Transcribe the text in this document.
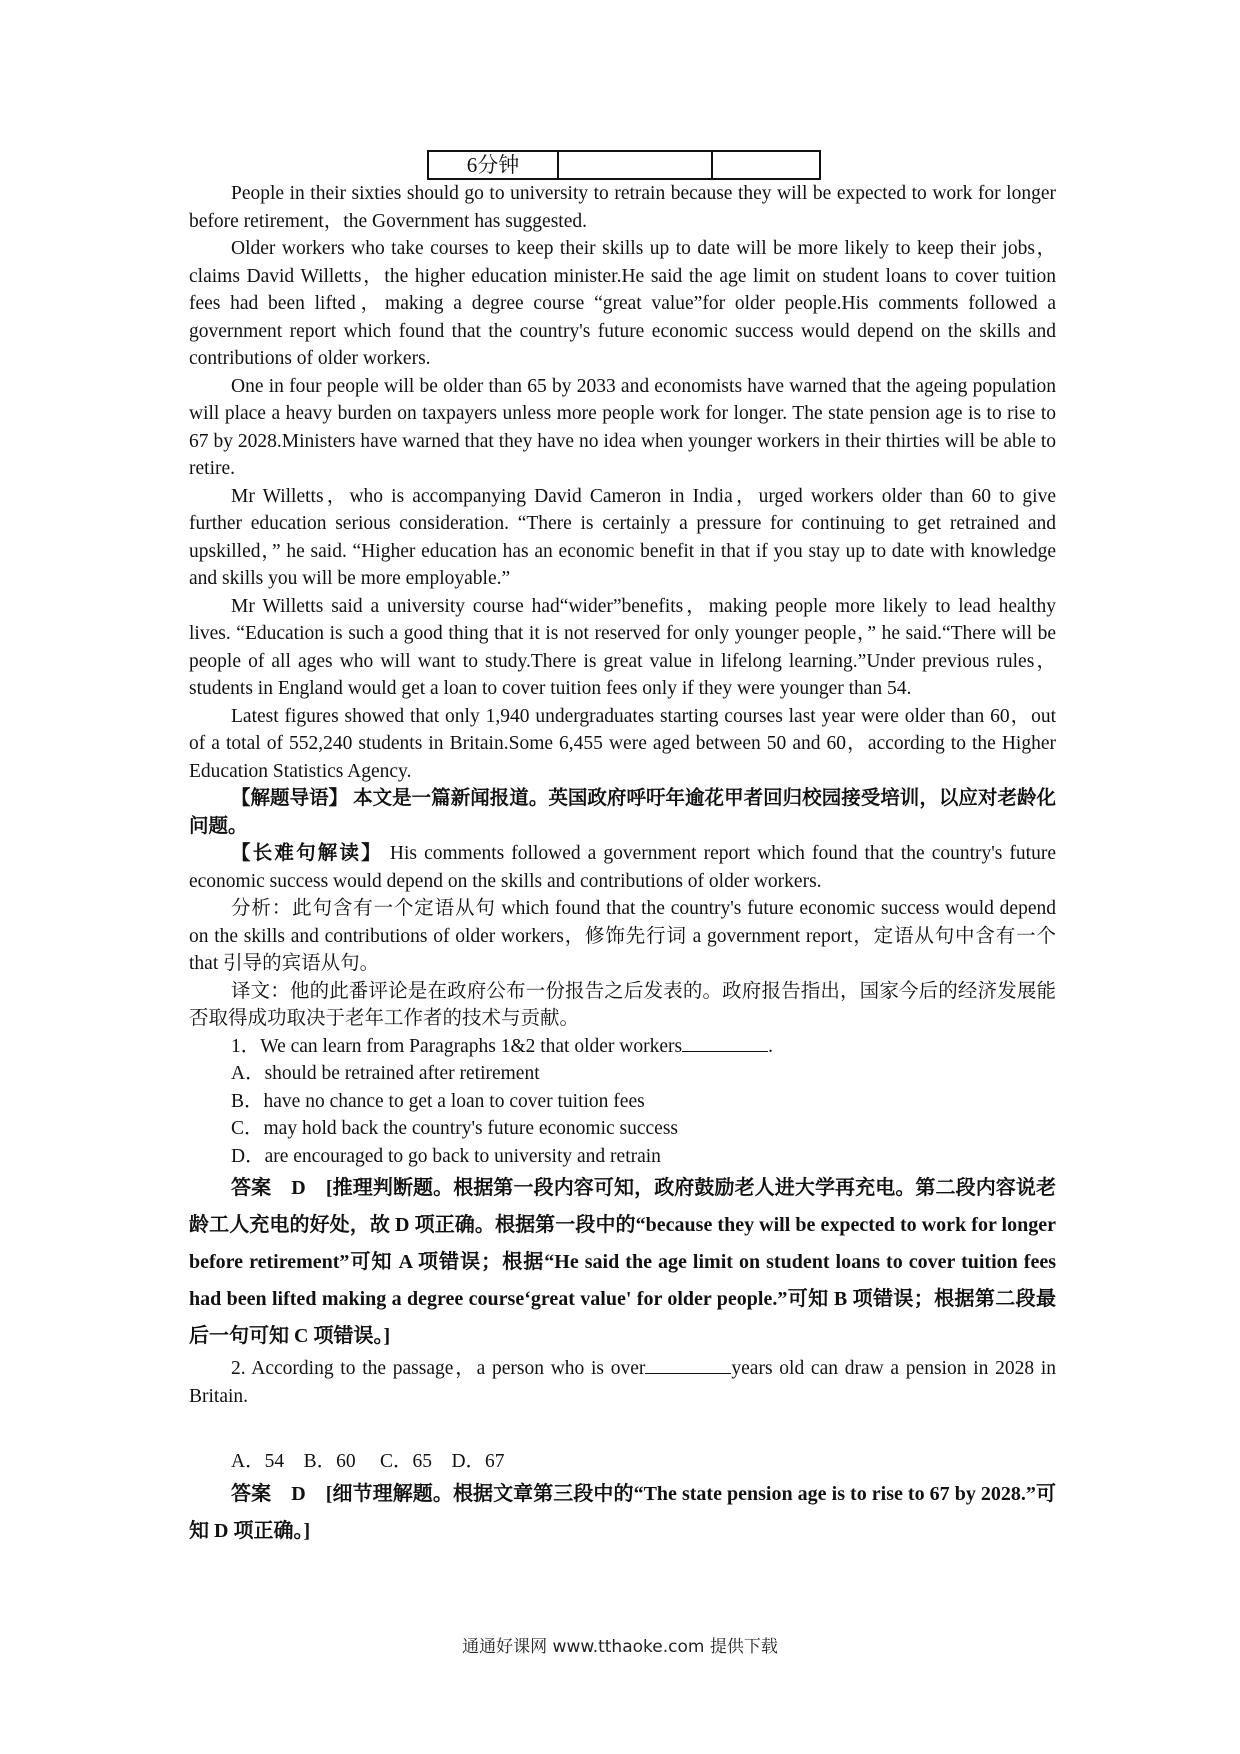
6分钟		

People in their sixties should go to university to retrain because they will be expected to work for longer before retirement，the Government has suggested.

Older workers who take courses to keep their skills up to date will be more likely to keep their jobs，claims David Willetts，the higher education minister.He said the age limit on student loans to cover tuition fees had been lifted，making a degree course “great value”for older people.His comments followed a government report which found that the country's future economic success would depend on the skills and contributions of older workers.

One in four people will be older than 65 by 2033 and economists have warned that the ageing population will place a heavy burden on taxpayers unless more people work for longer. The state pension age is to rise to 67 by 2028.Ministers have warned that they have no idea when younger workers in their thirties will be able to retire.

Mr Willetts，who is accompanying David Cameron in India，urged workers older than 60 to give further education serious consideration. “There is certainly a pressure for continuing to get retrained and upskilled，” he said. “Higher education has an economic benefit in that if you stay up to date with knowledge and skills you will be more employable.”

Mr Willetts said a university course had“wider”benefits，making people more likely to lead healthy lives. “Education is such a good thing that it is not reserved for only younger people，” he said.“There will be people of all ages who will want to study.There is great value in lifelong learning.”Under previous rules，students in England would get a loan to cover tuition fees only if they were younger than 54.

Latest figures showed that only 1,940 undergraduates starting courses last year were older than 60，out of a total of 552,240 students in Britain.Some 6,455 were aged between 50 and 60，according to the Higher Education Statistics Agency.

【解题导语】 本文是一篇新闻报道。英国政府呼吁年逾花甲者回归校园接受培训，以应对老龄化问题。

【长难句解读】 His comments followed a government report which found that the country's future economic success would depend on the skills and contributions of older workers.

分析：此句含有一个定语从句 which found that the country's future economic success would depend on the skills and contributions of older workers，修饰先行词 a government report，定语从句中含有一个 that 引导的宾语从句。

译文：他的此番评论是在政府公布一份报告之后发表的。政府报告指出，国家今后的经济发展能否取得成功取决于老年工作者的技术与贡献。

1．We can learn from Paragraphs 1&2 that older workers	.

A．should be retrained after retirement

B．have no chance to get a loan to cover tuition fees

C．may hold back the country's future economic success

D．are encouraged to go back to university and retrain

答案　D　[推理判断题。根据第一段内容可知，政府鼓励老人进大学再充电。第二段内容说老龄工人充电的好处，故 D 项正确。根据第一段中的“because they will be expected to work for longer before retirement”可知 A 项错误；根据“He said the age limit on student loans to cover tuition fees had been lifted making a degree course‘great value' for older people.”可知 B 项错误；根据第二段最后一句可知 C 项错误。]

2. According to the passage，a person who is over	years old can draw a pension in 2028 in Britain.

A．54　B．60　 C．65　D．67

答案　D　[细节理解题。根据文章第三段中的“The state pension age is to rise to 67 by 2028.”可知 D 项正确。]

通通好课网 www.tthaoke.com 提供下载
